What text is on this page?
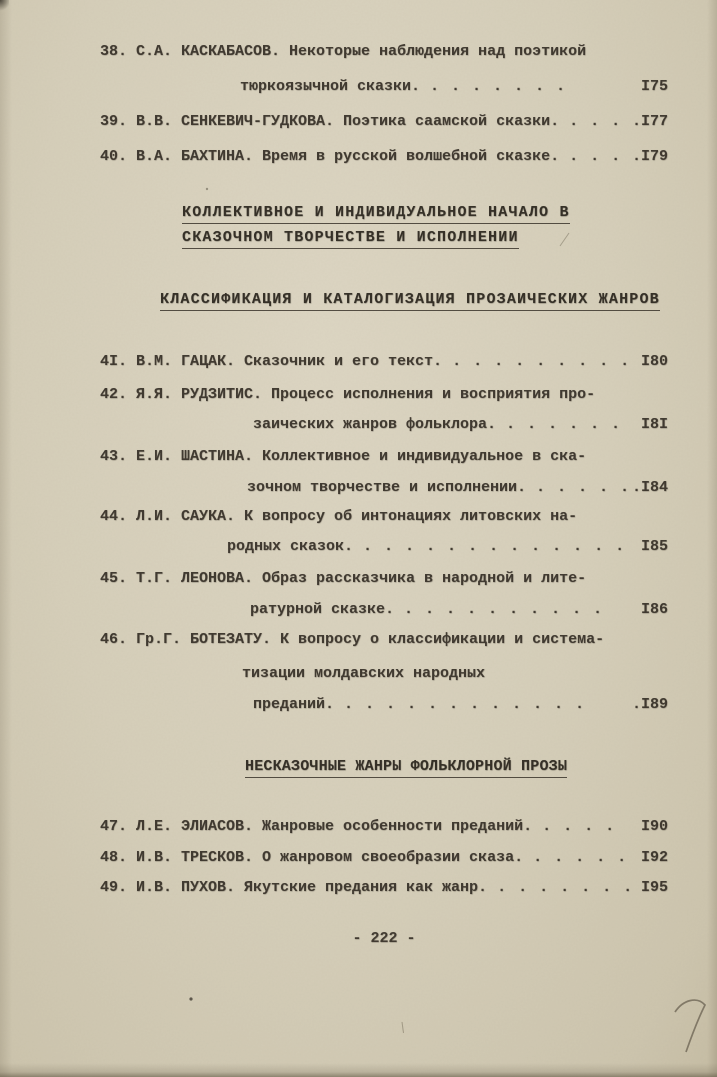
38. С.А. КАСКАБАСОВ. Некоторые наблюдения над поэтикой
тюркоязычной сказки. . . . . . . .	I75
39. В.В. СЕНКЕВИЧ-ГУДКОВА. Поэтика саамской сказки. . . . .I77
40. В.А. БАХТИНА. Время в русской волшебной сказке. . . . .I79
КОЛЛЕКТИВНОЕ И ИНДИВИДУАЛЬНОЕ НАЧАЛО В
СКАЗОЧНОМ ТВОРЧЕСТВЕ И ИСПОЛНЕНИИ
КЛАССИФИКАЦИЯ И КАТАЛОГИЗАЦИЯ ПРОЗАИЧЕСКИХ ЖАНРОВ
4I. В.М. ГАЦАК. Сказочник и его текст. . . . . . . . . . I80
42. Я.Я. РУДЗИТИС. Процесс исполнения и восприятия про-
заических жанров фольклора. . . . . . . I8I
43. Е.И. ШАСТИНА. Коллективное и индивидуальное в ска-
зочном творчестве и исполнении. . . . . . .I84
44. Л.И. САУКА. К вопросу об интонациях литовских на-
родных сказок. . . . . . . . . . . . . . I85
45. Т.Г. ЛЕОНОВА. Образ рассказчика в народной и лите-
ратурной сказке. . . . . . . . . . .	I86
46. Гр.Г. БОТЕЗАТУ. К вопросу о классификации и система-
тизации молдавских народных
преданий. . . . . . . . . . . . .	.I89
НЕСКАЗОЧНЫЕ ЖАНРЫ ФОЛЬКЛОРНОЙ ПРОЗЫ
47. Л.Е. ЭЛИАСОВ. Жанровые особенности преданий. . . . . I90
48. И.В. ТРЕСКОВ. О жанровом своеобразии сказа. . . . . . I92
49. И.В. ПУХОВ. Якутские предания как жанр. . . . . . . . I95
- 222 -
